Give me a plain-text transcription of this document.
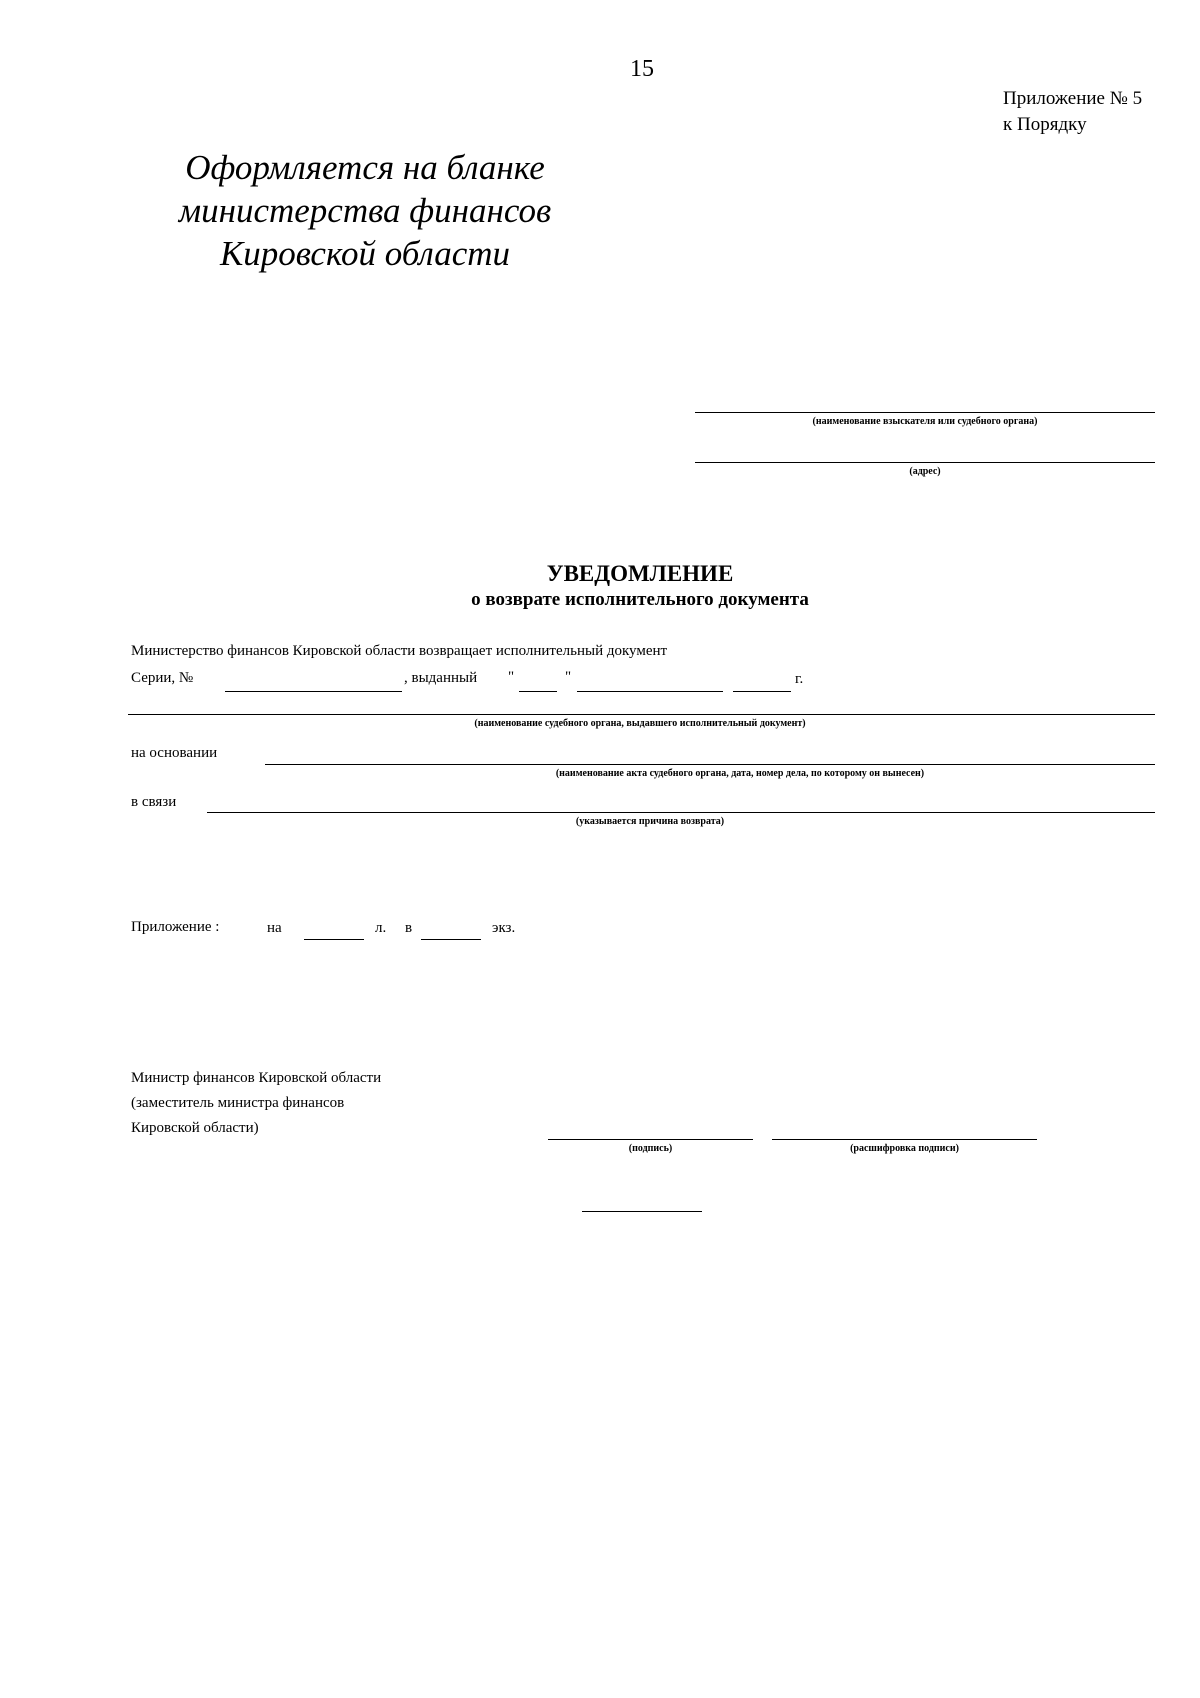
15
Приложение № 5
к Порядку
Оформляется на бланке
министерства финансов
Кировской области
(наименование взыскателя или судебного органа)
(адрес)
УВЕДОМЛЕНИЕ
о возврате исполнительного документа
Министерство финансов Кировской области возвращает исполнительный документ
Серии, №	, выданный "	"	г.
(наименование судебного органа, выдавшего исполнительный документ)
на основании
(наименование акта судебного органа, дата, номер дела, по которому он вынесен)
в связи
(указывается причина возврата)
Приложение :	на	л. в	экз.
Министр финансов Кировской области
(заместитель министра финансов
Кировской области)
(подпись)	(расшифровка подписи)
